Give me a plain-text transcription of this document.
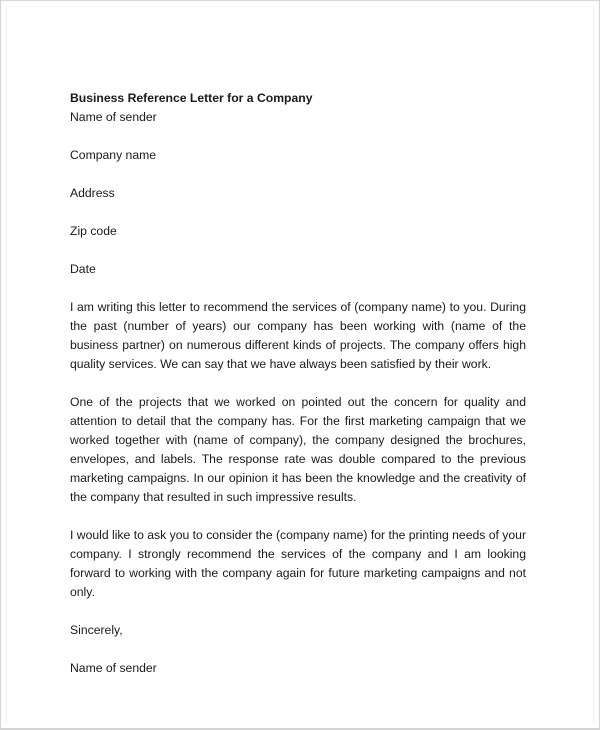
Business Reference Letter for a Company

Name of sender

Company name

Address

Zip code

Date

I am writing this letter to recommend the services of (company name) to you. During the past (number of years) our company has been working with (name of the business partner) on numerous different kinds of projects. The company offers high quality services. We can say that we have always been satisfied by their work.

One of the projects that we worked on pointed out the concern for quality and attention to detail that the company has. For the first marketing campaign that we worked together with (name of company), the company designed the brochures, envelopes, and labels. The response rate was double compared to the previous marketing campaigns. In our opinion it has been the knowledge and the creativity of the company that resulted in such impressive results.

I would like to ask you to consider the (company name) for the printing needs of your company. I strongly recommend the services of the company and I am looking forward to working with the company again for future marketing campaigns and not only.

Sincerely,

Name of sender
